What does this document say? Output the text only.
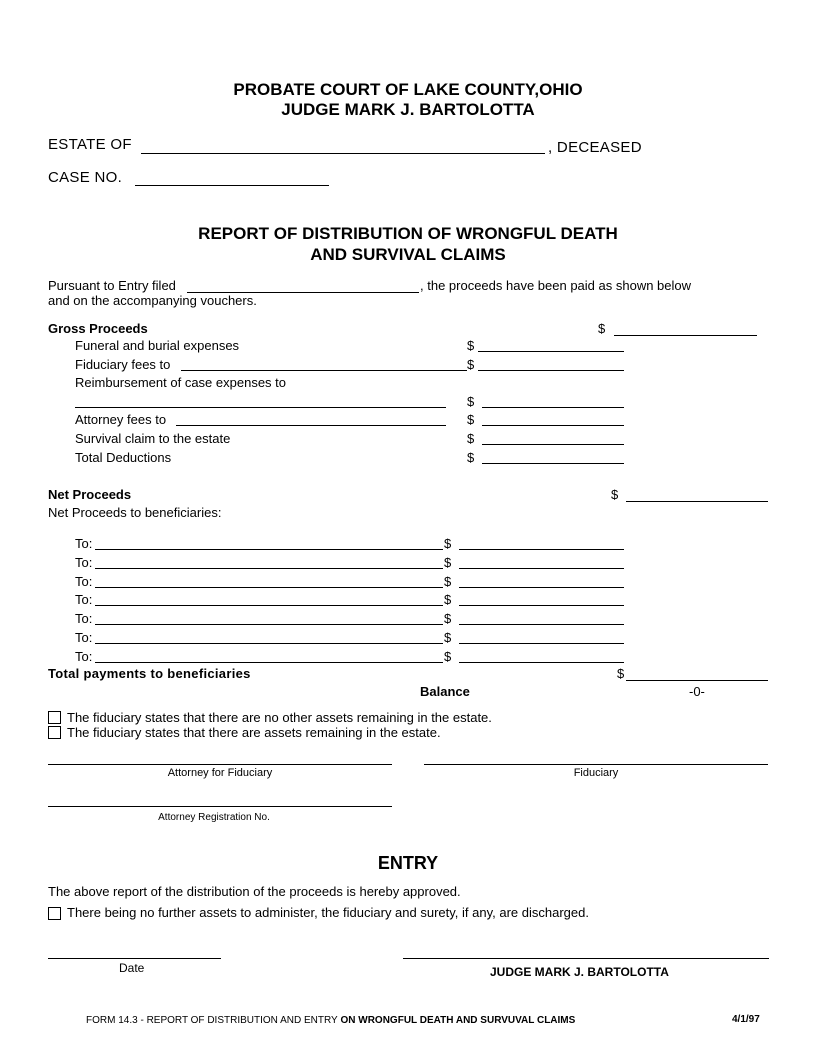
PROBATE COURT OF LAKE COUNTY,OHIO
JUDGE MARK J. BARTOLOTTA
ESTATE OF	, DECEASED
CASE NO.
REPORT OF DISTRIBUTION OF WRONGFUL DEATH
AND SURVIVAL CLAIMS
Pursuant to Entry filed	, the proceeds have been paid as shown below
and on the accompanying vouchers.
Gross Proceeds	$
Funeral and burial expenses	$
Fiduciary fees to	$
Reimbursement of case expenses to
$
Attorney fees to	$
Survival claim to the estate	$
Total Deductions	$
Net Proceeds	$
Net Proceeds to beneficiaries:
To:	$
To:	$
To:	$
To:	$
To:	$
To:	$
To:	$
Total payments to beneficiaries	$
Balance	-0-
The fiduciary states that there are no other assets remaining in the estate.
The fiduciary states that there are assets remaining in the estate.
Attorney for Fiduciary	Fiduciary
Attorney Registration No.
ENTRY
The above report of the distribution of the proceeds is hereby approved.
There being no further assets to administer, the fiduciary and surety, if any, are discharged.
Date	JUDGE MARK J. BARTOLOTTA
FORM 14.3 - REPORT OF DISTRIBUTION AND ENTRY ON WRONGFUL DEATH AND SURVUVAL CLAIMS	4/1/97
